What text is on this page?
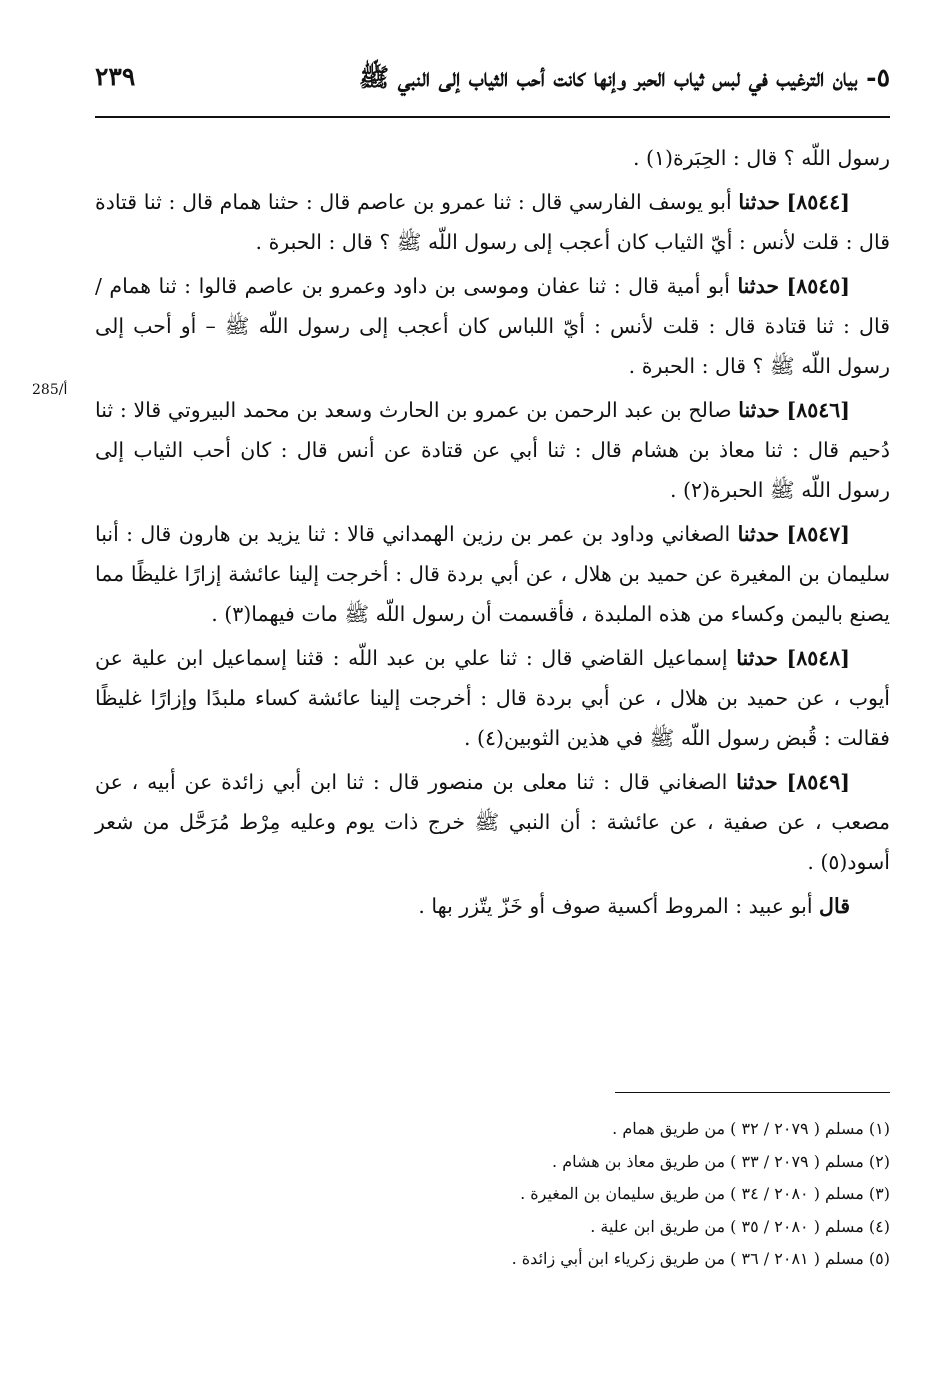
٢٣٩	٥- بيان الترغيب في لبس ثياب الحبر وإنها كانت أحب الثياب إلى النبي ﷺ
285/أ

رسول اللّه ؟ قال : الحِبَرة(١) .

[٨٥٤٤] حدثنا أبو يوسف الفارسي قال : ثنا عمرو بن عاصم قال : حثنا همام قال : ثنا قتادة قال : قلت لأنس : أيّ الثياب كان أعجب إلى رسول اللّه ﷺ ؟ قال : الحبرة .

[٨٥٤٥] حدثنا أبو أمية قال : ثنا عفان وموسى بن داود وعمرو بن عاصم قالوا : ثنا همام / قال : ثنا قتادة قال : قلت لأنس : أيّ اللباس كان أعجب إلى رسول اللّه ﷺ – أو أحب إلى رسول اللّه ﷺ ؟ قال : الحبرة .

[٨٥٤٦] حدثنا صالح بن عبد الرحمن بن عمرو بن الحارث وسعد بن محمد البيروتي قالا : ثنا دُحيم قال : ثنا معاذ بن هشام قال : ثنا أبي عن قتادة عن أنس قال : كان أحب الثياب إلى رسول اللّه ﷺ الحبرة(٢) .

[٨٥٤٧] حدثنا الصغاني وداود بن عمر بن رزين الهمداني قالا : ثنا يزيد بن هارون قال : أنبا سليمان بن المغيرة عن حميد بن هلال ، عن أبي بردة قال : أخرجت إلينا عائشة إزارًا غليظًا مما يصنع باليمن وكساء من هذه الملبدة ، فأقسمت أن رسول اللّه ﷺ مات فيهما(٣) .

[٨٥٤٨] حدثنا إسماعيل القاضي قال : ثنا علي بن عبد اللّه : قثنا إسماعيل ابن علية عن أيوب ، عن حميد بن هلال ، عن أبي بردة قال : أخرجت إلينا عائشة كساء ملبدًا وإزارًا غليظًا فقالت : قُبض رسول اللّه ﷺ في هذين الثوبين(٤) .

[٨٥٤٩] حدثنا الصغاني قال : ثنا معلى بن منصور قال : ثنا ابن أبي زائدة عن أبيه ، عن مصعب ، عن صفية ، عن عائشة : أن النبي ﷺ خرج ذات يوم وعليه مِرْط مُرَحَّل من شعر أسود(٥) .

قال أبو عبيد : المروط أكسية صوف أو خَزّ يتّزر بها .

(١) مسلم ( ٢٠٧٩ / ٣٢ ) من طريق همام .
(٢) مسلم ( ٢٠٧٩ / ٣٣ ) من طريق معاذ بن هشام .
(٣) مسلم ( ٢٠٨٠ / ٣٤ ) من طريق سليمان بن المغيرة .
(٤) مسلم ( ٢٠٨٠ / ٣٥ ) من طريق ابن علية .
(٥) مسلم ( ٢٠٨١ / ٣٦ ) من طريق زكرياء ابن أبي زائدة .
